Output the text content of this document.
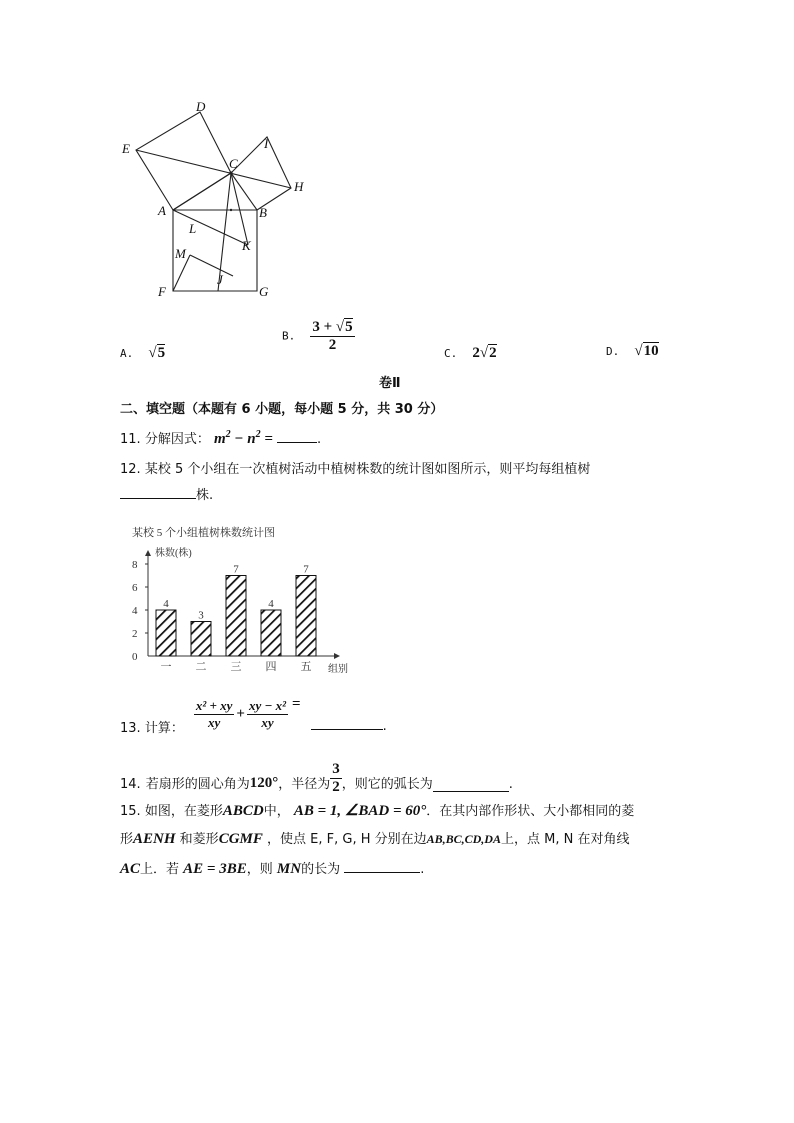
D
E	I
C
H
A	B
L
K
M
J
F	G
A. √5
B. $\frac{3 + √5}{2}$	C. 2√2	D. √10
卷Ⅱ
二、填空题（本题有 6 小题，每小题 5 分，共 30 分）
11. 分解因式： $m^2 - n^2$ =	.
12. 某校 5 个小组在一次植树活动中植树株数的统计图如图所示，则平均每组植树
株.
某校 5 个小组植树株数统计图
株数(株)
组别
0
2
4
6
8
4
一
3
二
7
三
4
四
7
五
13. 计算： $\frac{\text{x² + xy}}{xy} + \frac{\text{xy − x²}}{xy}$ =
.
14. 若扇形的圆心角为 120° ，半径为 $\frac{3}{2}$ ，则它的弧长为	.
15. 如图，在菱形ABCD中， AB = 1, ∠BAD = 60°．在其内部作形状、大小都相同的菱
形AENH 和菱形CGMF ，使点 E, F, G, H 分别在边AB,BC,CD,DA上，点 M, N 在对角线
AC上．若 AE = 3BE，则 MN的长为	.
